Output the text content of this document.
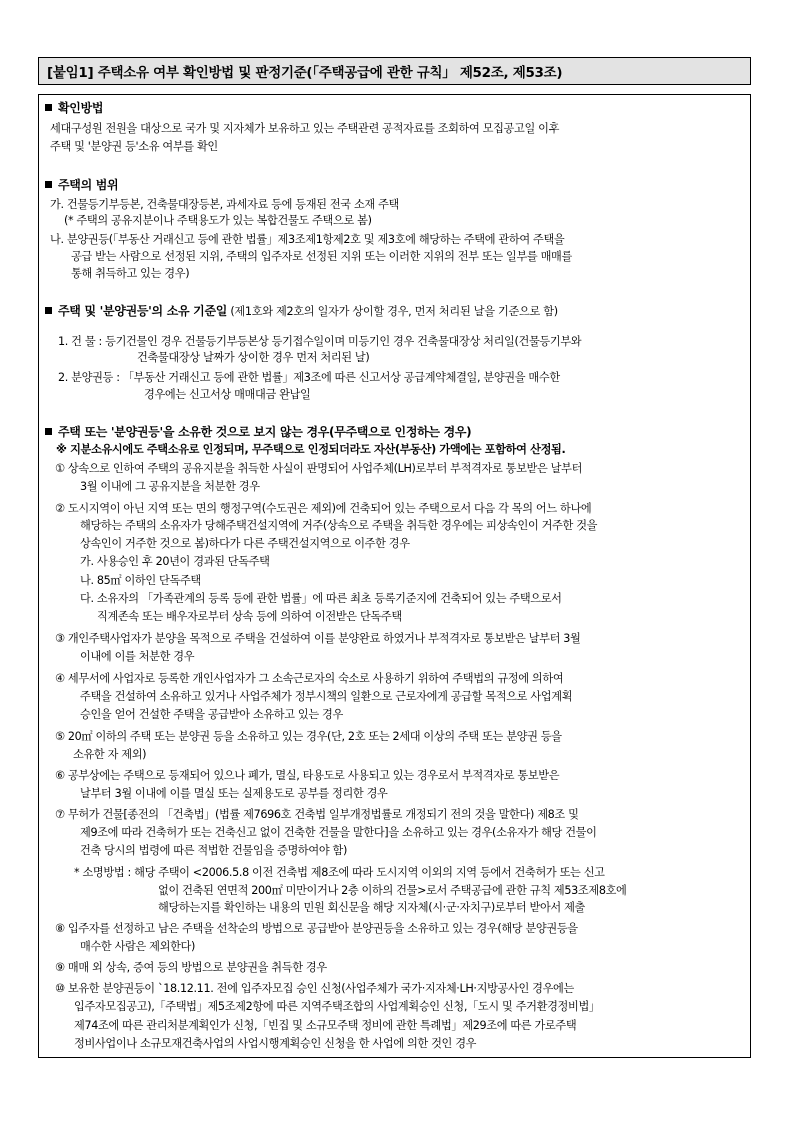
[붙임1] 주택소유 여부 확인방법 및 판정기준(「주택공급에 관한 규칙」 제52조, 제53조)
확인방법
세대구성원 전원을 대상으로 국가 및 지자체가 보유하고 있는 주택관련 공적자료를 조회하여 모집공고일 이후
주택 및 '분양권 등'소유 여부를 확인
주택의 범위
가. 건물등기부등본, 건축물대장등본, 과세자료 등에 등재된 전국 소재 주택
(* 주택의 공유지분이나 주택용도가 있는 복합건물도 주택으로 봄)
나. 분양권등(「부동산 거래신고 등에 관한 법률」제3조제1항제2호 및 제3호에 해당하는 주택에 관하여 주택을
공급 받는 사람으로 선정된 지위, 주택의 입주자로 선정된 지위 또는 이러한 지위의 전부 또는 일부를 매매를
통해 취득하고 있는 경우)
주택 및 '분양권등'의 소유 기준일 (제1호와 제2호의 일자가 상이할 경우, 먼저 처리된 날을 기준으로 함)
1. 건 물 : 등기건물인 경우 건물등기부등본상 등기접수일이며 미등기인 경우 건축물대장상 처리일(건물등기부와
건축물대장상 날짜가 상이한 경우 먼저 처리된 날)
2. 분양권등 : 「부동산 거래신고 등에 관한 법률」제3조에 따른 신고서상 공급계약체결일, 분양권을 매수한
경우에는 신고서상 매매대금 완납일
주택 또는 '분양권등'을 소유한 것으로 보지 않는 경우(무주택으로 인정하는 경우)
※ 지분소유시에도 주택소유로 인정되며, 무주택으로 인정되더라도 자산(부동산) 가액에는 포함하여 산정됨.
① 상속으로 인하여 주택의 공유지분을 취득한 사실이 판명되어 사업주체(LH)로부터 부적격자로 통보받은 날부터
3월 이내에 그 공유지분을 처분한 경우
② 도시지역이 아닌 지역 또는 면의 행정구역(수도권은 제외)에 건축되어 있는 주택으로서 다음 각 목의 어느 하나에
해당하는 주택의 소유자가 당해주택건설지역에 거주(상속으로 주택을 취득한 경우에는 피상속인이 거주한 것을
상속인이 거주한 것으로 봄)하다가 다른 주택건설지역으로 이주한 경우
가. 사용승인 후 20년이 경과된 단독주택
나. 85㎡ 이하인 단독주택
다. 소유자의 「가족관계의 등록 등에 관한 법률」에 따른 최초 등록기준지에 건축되어 있는 주택으로서
직계존속 또는 배우자로부터 상속 등에 의하여 이전받은 단독주택
③ 개인주택사업자가 분양을 목적으로 주택을 건설하여 이를 분양완료 하였거나 부적격자로 통보받은 날부터 3월
이내에 이를 처분한 경우
④ 세무서에 사업자로 등록한 개인사업자가 그 소속근로자의 숙소로 사용하기 위하여 주택법의 규정에 의하여
주택을 건설하여 소유하고 있거나 사업주체가 정부시책의 일환으로 근로자에게 공급할 목적으로 사업계획
승인을 얻어 건설한 주택을 공급받아 소유하고 있는 경우
⑤ 20㎡ 이하의 주택 또는 분양권 등을 소유하고 있는 경우(단, 2호 또는 2세대 이상의 주택 또는 분양권 등을
소유한 자 제외)
⑥ 공부상에는 주택으로 등재되어 있으나 폐가, 멸실, 타용도로 사용되고 있는 경우로서 부적격자로 통보받은
날부터 3월 이내에 이를 멸실 또는 실제용도로 공부를 정리한 경우
⑦ 무허가 건물[종전의 「건축법」(법률 제7696호 건축법 일부개정법률로 개정되기 전의 것을 말한다) 제8조 및
제9조에 따라 건축허가 또는 건축신고 없이 건축한 건물을 말한다]을 소유하고 있는 경우(소유자가 해당 건물이
건축 당시의 법령에 따른 적법한 건물임을 증명하여야 함)
* 소명방법 : 해당 주택이 <2006.5.8 이전 건축법 제8조에 따라 도시지역 이외의 지역 등에서 건축허가 또는 신고
없이 건축된 연면적 200㎡ 미만이거나 2층 이하의 건물>로서 주택공급에 관한 규칙 제53조제8호에
해당하는지를 확인하는 내용의 민원 회신문을 해당 지자체(시·군·자치구)로부터 받아서 제출
⑧ 입주자를 선정하고 남은 주택을 선착순의 방법으로 공급받아 분양권등을 소유하고 있는 경우(해당 분양권등을
매수한 사람은 제외한다)
⑨ 매매 외 상속, 증여 등의 방법으로 분양권을 취득한 경우
⑩ 보유한 분양권등이 `18.12.11. 전에 입주자모집 승인 신청(사업주체가 국가·지자체·LH·지방공사인 경우에는
입주자모집공고),「주택법」제5조제2항에 따른 지역주택조합의 사업계획승인 신청,「도시 및 주거환경정비법」
제74조에 따른 관리처분계획인가 신청,「빈집 및 소규모주택 정비에 관한 특례법」제29조에 따른 가로주택
정비사업이나 소규모재건축사업의 사업시행계획승인 신청을 한 사업에 의한 것인 경우
